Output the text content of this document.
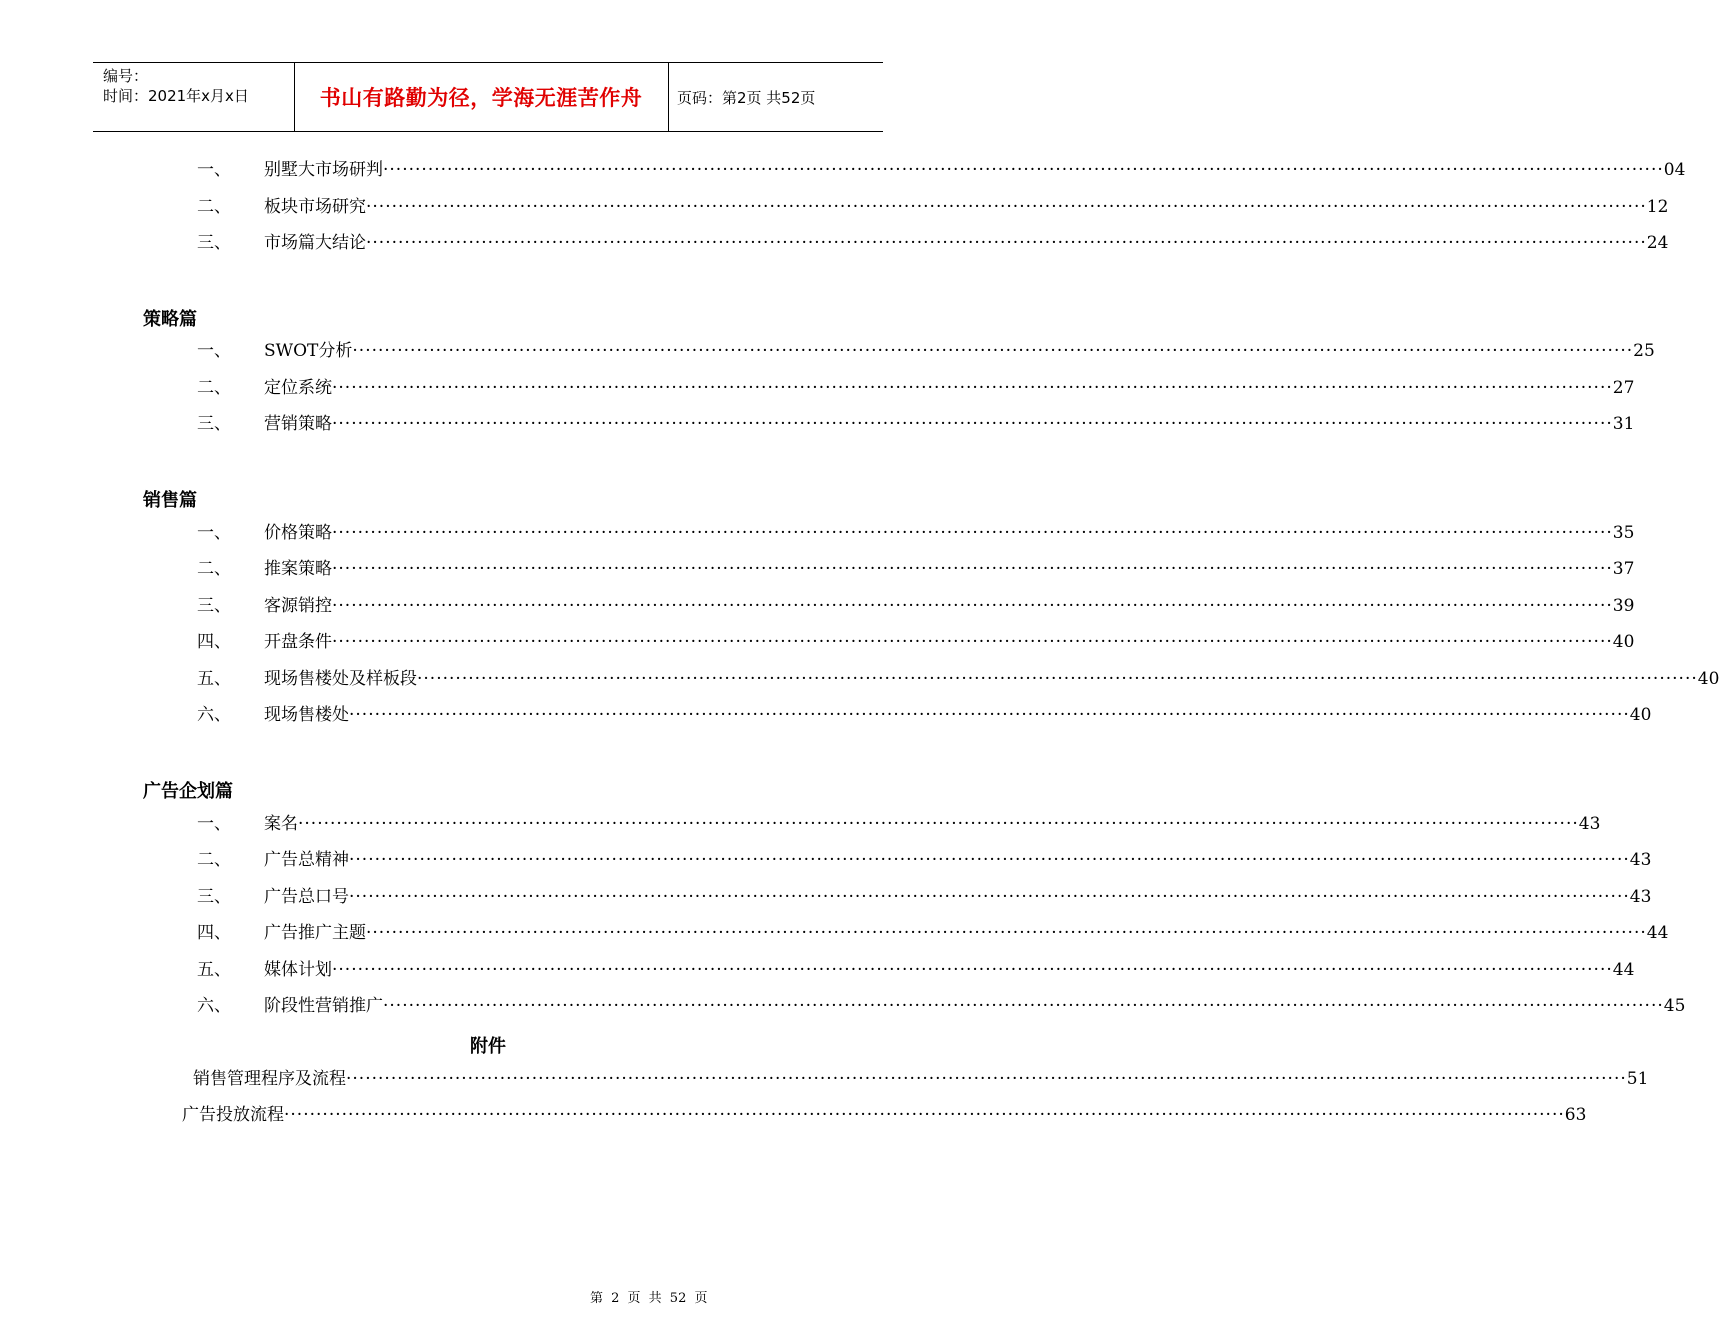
编号：
时间：2021年x月x日	书山有路勤为径，学海无涯苦作舟	页码：第2页 共52页
一、 别墅大市场研判 ········································································································································································································ 04
二、 板块市场研究 ········································································································································································································ 12
三、 市场篇大结论 ········································································································································································································ 24
策略篇
一、 SWOT分析 ········································································································································································································ 25
二、 定位系统 ········································································································································································································ 27
三、 营销策略 ········································································································································································································ 31
销售篇
一、 价格策略 ········································································································································································································ 35
二、 推案策略 ········································································································································································································ 37
三、 客源销控 ········································································································································································································ 39
四、 开盘条件 ········································································································································································································ 40
五、 现场售楼处及样板段 ········································································································································································································ 40
六、 现场售楼处 ········································································································································································································ 40
广告企划篇
一、 案名 ········································································································································································································ 43
二、 广告总精神 ········································································································································································································ 43
三、 广告总口号 ········································································································································································································ 43
四、 广告推广主题 ········································································································································································································ 44
五、 媒体计划 ········································································································································································································ 44
六、 阶段性营销推广 ········································································································································································································ 45
附件
销售管理程序及流程 ········································································································································································································ 51
广告投放流程 ········································································································································································································ 63
第 2 页 共 52 页
